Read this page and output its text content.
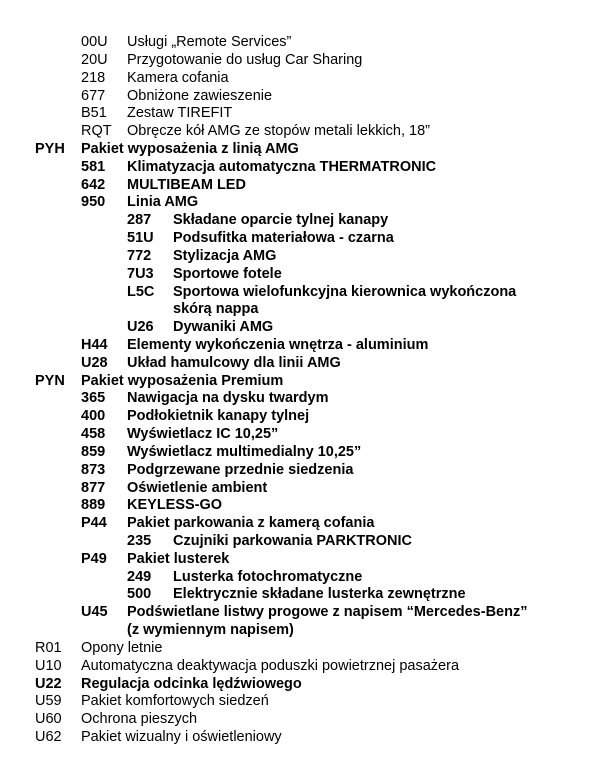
00U Usługi „Remote Services”
20U Przygotowanie do usług Car Sharing
218 Kamera cofania
677 Obniżone zawieszenie
B51 Zestaw TIREFIT
RQT Obręcze kół AMG ze stopów metali lekkich, 18”
PYH Pakiet wyposażenia z linią AMG
581 Klimatyzacja automatyczna THERMATRONIC
642 MULTIBEAM LED
950 Linia AMG
287 Składane oparcie tylnej kanapy
51U Podsufitka materiałowa - czarna
772 Stylizacja AMG
7U3 Sportowe fotele
L5C Sportowa wielofunkcyjna kierownica wykończona
skórą nappa
U26 Dywaniki AMG
H44 Elementy wykończenia wnętrza - aluminium
U28 Układ hamulcowy dla linii AMG
PYN Pakiet wyposażenia Premium
365 Nawigacja na dysku twardym
400 Podłokietnik kanapy tylnej
458 Wyświetlacz IC 10,25”
859 Wyświetlacz multimedialny 10,25”
873 Podgrzewane przednie siedzenia
877 Oświetlenie ambient
889 KEYLESS-GO
P44 Pakiet parkowania z kamerą cofania
235 Czujniki parkowania PARKTRONIC
P49 Pakiet lusterek
249 Lusterka fotochromatyczne
500 Elektrycznie składane lusterka zewnętrzne
U45 Podświetlane listwy progowe z napisem “Mercedes-Benz”
(z wymiennym napisem)
R01 Opony letnie
U10 Automatyczna deaktywacja poduszki powietrznej pasażera
U22 Regulacja odcinka lędźwiowego
U59 Pakiet komfortowych siedzeń
U60 Ochrona pieszych
U62 Pakiet wizualny i oświetleniowy
